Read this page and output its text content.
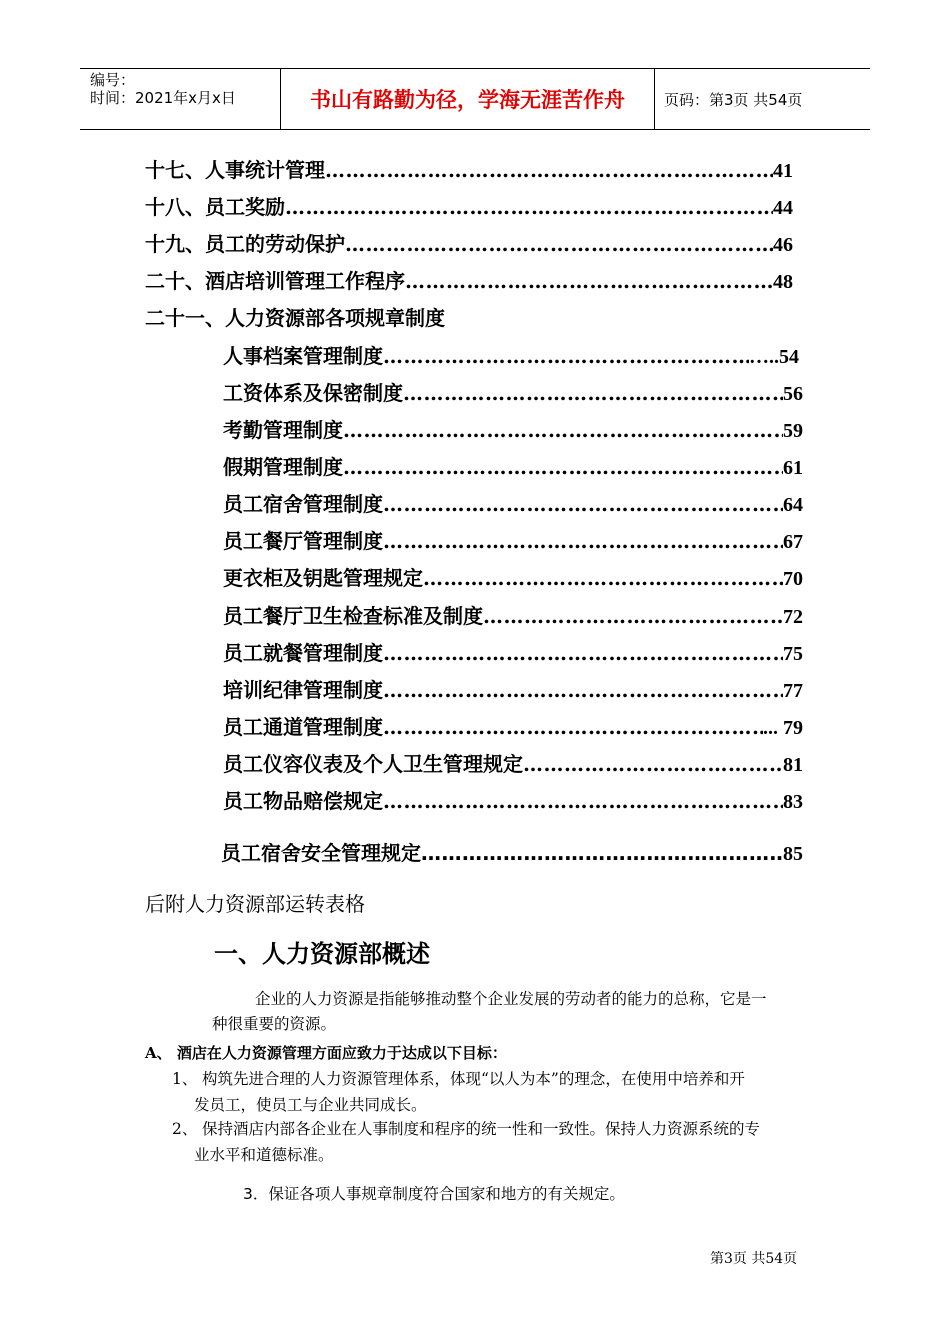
编号：
时间：2021年x月x日	书山有路勤为径，学海无涯苦作舟	页码：第3页 共54页
十七、人事统计管理 …………………………………………………………………………………………………………………	41
十八、员工奖励 …………………………………………………………………………………………………………………	44
十九、员工的劳动保护 …………………………………………………………………………………………………………………	46
二十、酒店培训管理工作程序 …………………………………………………………………………………………………………………	48
二十一、人力资源部各项规章制度
人事档案管理制度 …………………………………………………………………………………………………………………	…..54
工资体系及保密制度 …………………………………………………………………………………………………………………	56
考勤管理制度 …………………………………………………………………………………………………………………	59
假期管理制度 …………………………………………………………………………………………………………………	61
员工宿舍管理制度 …………………………………………………………………………………………………………………	64
员工餐厅管理制度 …………………………………………………………………………………………………………………	67
更衣柜及钥匙管理规定 …………………………………………………………………………………………………………………	70
员工餐厅卫生检查标准及制度 …………………………………………………………………………………………………………………	72
员工就餐管理制度 …………………………………………………………………………………………………………………	75
培训纪律管理制度 …………………………………………………………………………………………………………………	77
员工通道管理制度 …………………………………………………………………………………………………………………	... 79
员工仪容仪表及个人卫生管理规定 …………………………………………………………………………………………………………………	81
员工物品赔偿规定 …………………………………………………………………………………………………………………	83
员工宿舍安全管理规定 …………………………………………………………………………………………………………………	85
后附人力资源部运转表格
一、人力资源部概述
企业的人力资源是指能够推动整个企业发展的劳动者的能力的总称，它是一
种很重要的资源。
A、 酒店在人力资源管理方面应致力于达成以下目标：
1、 构筑先进合理的人力资源管理体系，体现“以人为本”的理念，在使用中培养和开
发员工，使员工与企业共同成长。
2、 保持酒店内部各企业在人事制度和程序的统一性和一致性。保持人力资源系统的专
业水平和道德标准。
3．保证各项人事规章制度符合国家和地方的有关规定。
第3页 共54页
